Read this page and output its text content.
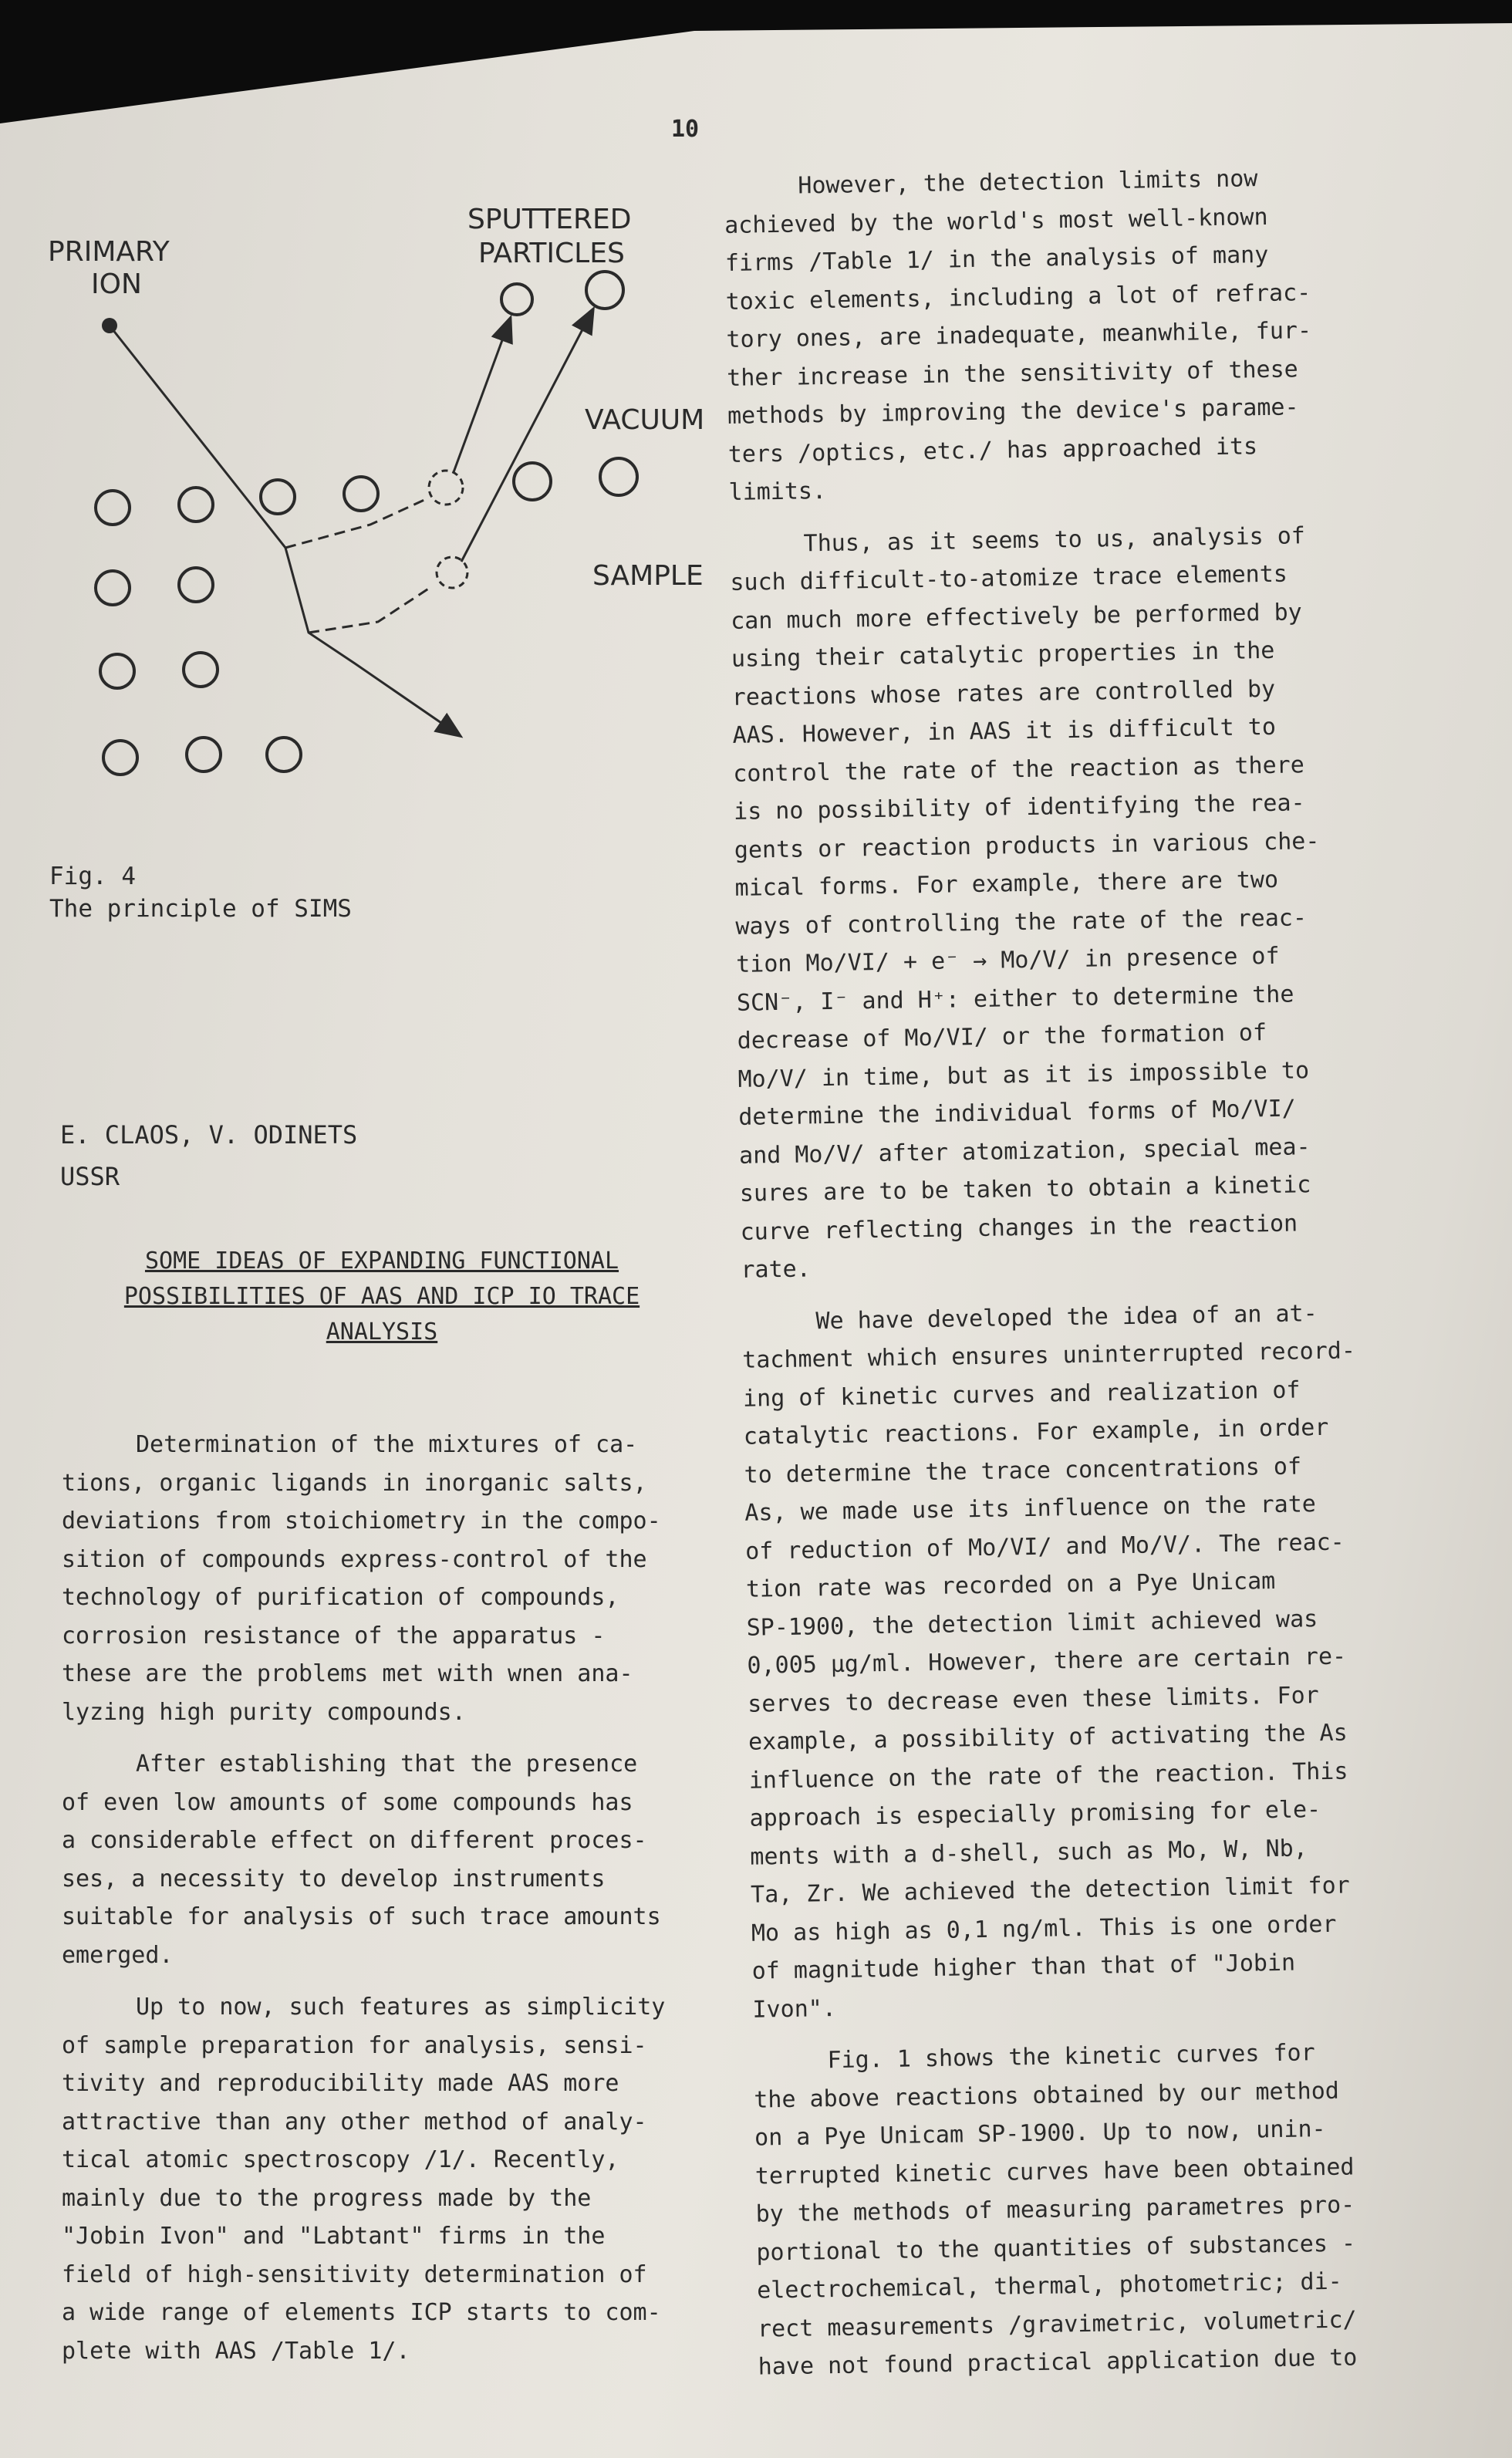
10
PRIMARY
ION
SPUTTERED
PARTICLES
VACUUM
SAMPLE
Fig. 4
The principle of SIMS
E. CLAOS, V. ODINETS
USSR
SOME IDEAS OF EXPANDING FUNCTIONAL
POSSIBILITIES OF AAS AND ICP IO TRACE
ANALYSIS
Determination of the mixtures of ca-
tions, organic ligands in inorganic salts,
deviations from stoichiometry in the compo-
sition of compounds express-control of the
technology of purification of compounds,
corrosion resistance of the apparatus -
these are the problems met with wnen ana-
lyzing high purity compounds.
After establishing that the presence
of even low amounts of some compounds has
a considerable effect on different proces-
ses, a necessity to develop instruments
suitable for analysis of such trace amounts
emerged.
Up to now, such features as simplicity
of sample preparation for analysis, sensi-
tivity and reproducibility made AAS more
attractive than any other method of analy-
tical atomic spectroscopy /1/. Recently,
mainly due to the progress made by the
"Jobin Ivon" and "Labtant" firms in the
field of high-sensitivity determination of
a wide range of elements ICP starts to com-
plete with AAS /Table 1/.
However, the detection limits now
achieved by the world's most well-known
firms /Table 1/ in the analysis of many
toxic elements, including a lot of refrac-
tory ones, are inadequate, meanwhile, fur-
ther increase in the sensitivity of these
methods by improving the device's parame-
ters /optics, etc./ has approached its
limits.
Thus, as it seems to us, analysis of
such difficult-to-atomize trace elements
can much more effectively be performed by
using their catalytic properties in the
reactions whose rates are controlled by
AAS. However, in AAS it is difficult to
control the rate of the reaction as there
is no possibility of identifying the rea-
gents or reaction products in various che-
mical forms. For example, there are two
ways of controlling the rate of the reac-
tion Mo/VI/ + e⁻ → Mo/V/ in presence of
SCN⁻, I⁻ and H⁺: either to determine the
decrease of Mo/VI/ or the formation of
Mo/V/ in time, but as it is impossible to
determine the individual forms of Mo/VI/
and Mo/V/ after atomization, special mea-
sures are to be taken to obtain a kinetic
curve reflecting changes in the reaction
rate.
We have developed the idea of an at-
tachment which ensures uninterrupted record-
ing of kinetic curves and realization of
catalytic reactions. For example, in order
to determine the trace concentrations of
As, we made use its influence on the rate
of reduction of Mo/VI/ and Mo/V/. The reac-
tion rate was recorded on a Pye Unicam
SP-1900, the detection limit achieved was
0,005 µg/ml. However, there are certain re-
serves to decrease even these limits. For
example, a possibility of activating the As
influence on the rate of the reaction. This
approach is especially promising for ele-
ments with a d-shell, such as Mo, W, Nb,
Ta, Zr. We achieved the detection limit for
Mo as high as 0,1 ng/ml. This is one order
of magnitude higher than that of "Jobin
Ivon".
Fig. 1 shows the kinetic curves for
the above reactions obtained by our method
on a Pye Unicam SP-1900. Up to now, unin-
terrupted kinetic curves have been obtained
by the methods of measuring parametres pro-
portional to the quantities of substances -
electrochemical, thermal, photometric; di-
rect measurements /gravimetric, volumetric/
have not found practical application due to
